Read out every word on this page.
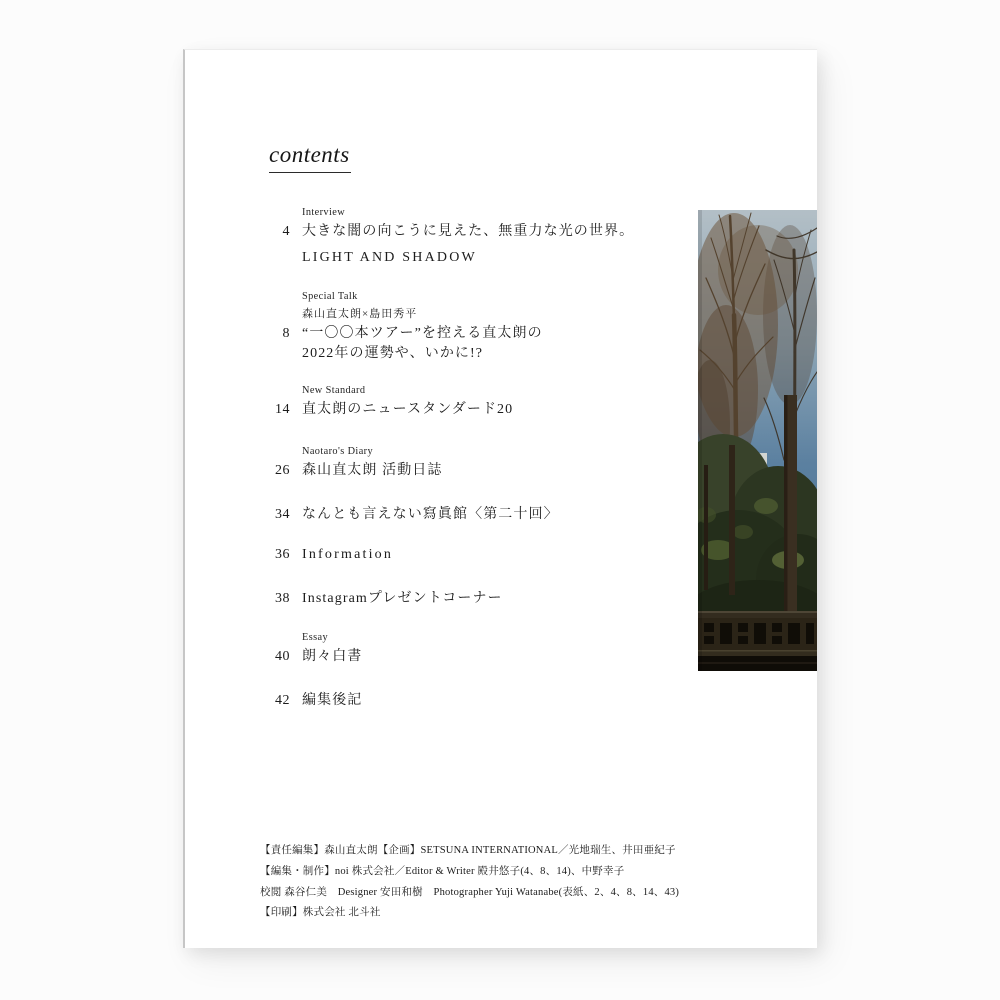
contents
Interview
4 大きな闇の向こうに見えた、無重力な光の世界。
LIGHT AND SHADOW
Special Talk
森山直太朗×島田秀平
8 “一〇〇本ツアー”を控える直太朗の
2022年の運勢や、いかに!?
New Standard
14 直太朗のニュースタンダード20
Naotaro's Diary
26 森山直太朗 活動日誌
34 なんとも言えない寫眞館〈第二十回〉
36 Information
38 Instagramプレゼントコーナー
Essay
40 朗々白書
42 編集後記
【責任編集】森山直太朗【企画】SETSUNA INTERNATIONAL／光地瑞生、井田亜紀子
【編集・制作】noi 株式会社／Editor & Writer 殿井悠子(4、8、14)、中野幸子
校閲 森谷仁美　Designer 安田和樹　Photographer Yuji Watanabe(表紙、2、4、8、14、43)
【印刷】株式会社 北斗社
